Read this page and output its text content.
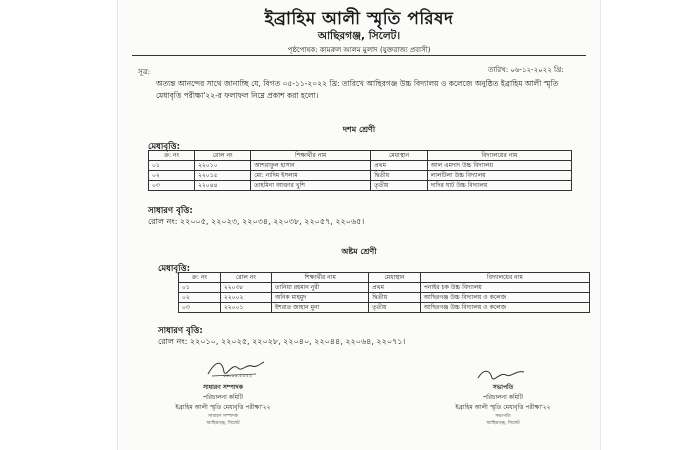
ইব্রাহিম আলী স্মৃতি পরিষদ
আছিরগঞ্জ, সিলেট।
পৃষ্ঠপোষক: কামরুল আলম মুলাদ (যুক্তরাজ্য প্রবাসী)
সূত্র:	তারিখ: ০৬-১২-২০২২ খ্রি:
অত্যন্ত আনন্দের সাথে জানাচ্ছি যে, বিগত ০৫-১১-২০২২ খ্রি: তারিখে আছিরগঞ্জ উচ্চ বিদ্যালয় ও কলেজে অনুষ্ঠিত ইব্রাহিম আলী স্মৃতি মেধাবৃত্তি পরীক্ষা'২২-র ফলাফল নিম্নে প্রকাশ করা হলো।
দশম শ্রেণী
মেধাবৃত্তি:
ক্র: নং	রোল নং	শিক্ষার্থীর নাম	মেধাস্থান	বিদ্যালয়ের নাম
০১	২২০১০	আশরাফুল হাসান	প্রথম	আল এমদাদ উচ্চ বিদ্যালয়
০২	২২০১৫	মো: নাদিম ইসলাম	দ্বিতীয়	লালটিলা উচ্চ বিদ্যালয়
০৩	২২০৪৪	তাহমিনা আক্তার খুশি	তৃতীয়	দাদির ঘাট উচ্চ বিদ্যালয়
সাধারণ বৃত্তি:
রোল নং: ২২০০৫, ২২০২৩, ২২০৩৪, ২২০৩৮, ২২০৫৭, ২২০৬৫।
অষ্টম শ্রেণী
মেধাবৃত্তি:
ক্র: নং	রোল নং	শিক্ষার্থীর নাম	মেধাস্থান	বিদ্যালয়ের নাম
০১	২২০৩৮	তানিয়া রহমান নুরী	প্রথম	পনাইর চক উচ্চ বিদ্যালয়
০২	২২০০২	অনিক মাহমুদ	দ্বিতীয়	আছিরগঞ্জ উচ্চ বিদ্যালয় ও কলেজ
০৩	২২০০১	ইশরাত জাহান মুনা	তৃতীয়	আছিরগঞ্জ উচ্চ বিদ্যালয় ও কলেজ
সাধারণ বৃত্তি:
রোল নং: ২২০১০, ২২০২৫, ২২০২৮, ২২০৪০, ২২০৪৪, ২২০৬৪, ২২০৭১।
০৬.১২.২০২২
সাধারণ সম্পাদক
পরিচালনা কমিটি
ইব্রাহিম আলী স্মৃতি মেধাবৃত্তি পরীক্ষা'২২
সাধারণ সম্পাদক
আছিরগঞ্জ, সিলেট
সভাপতি
পরিচালনা কমিটি
ইব্রাহিম আলী স্মৃতি মেধাবৃত্তি পরীক্ষা'২২
সভাপতি
আছিরগঞ্জ, সিলেট
